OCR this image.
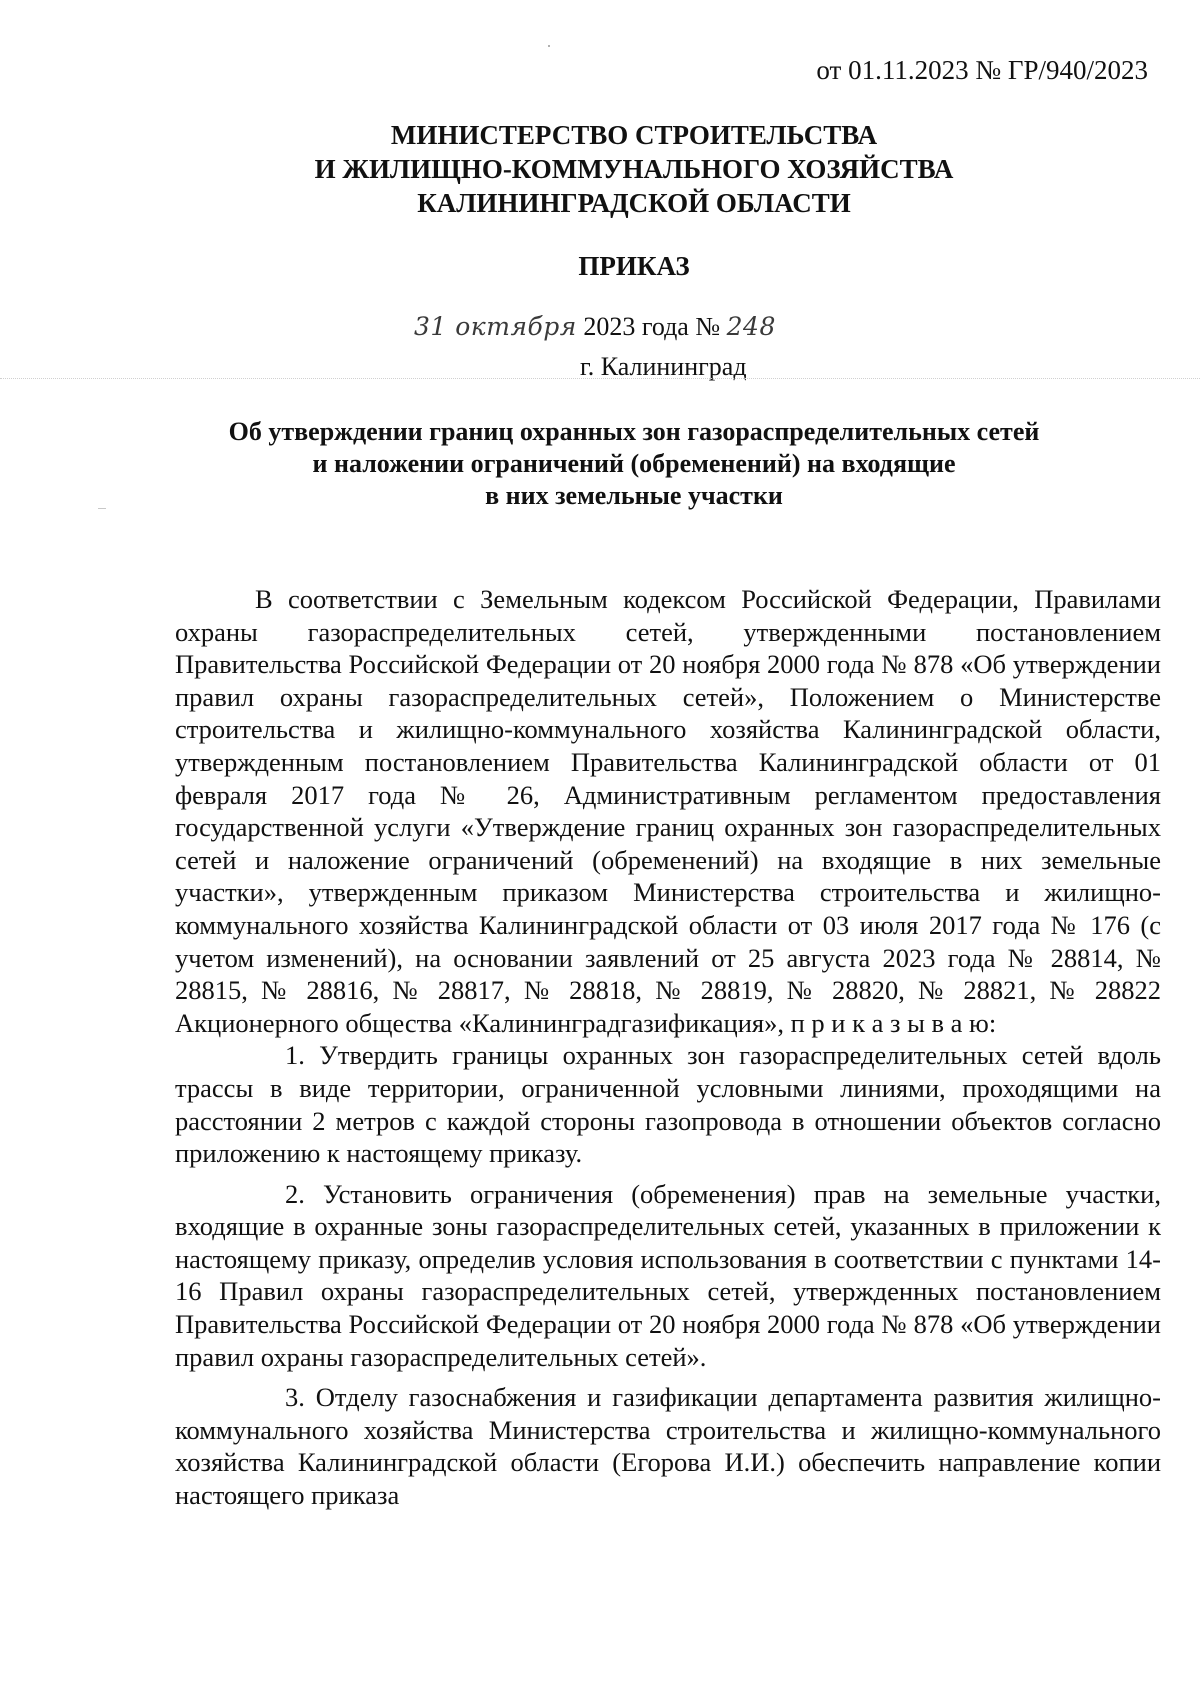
от 01.11.2023 № ГР/940/2023
МИНИСТЕРСТВО СТРОИТЕЛЬСТВА
И ЖИЛИЩНО-КОММУНАЛЬНОГО ХОЗЯЙСТВА
КАЛИНИНГРАДСКОЙ ОБЛАСТИ
ПРИКАЗ
31 октября 2023 года № 248
г. Калининград
Об утверждении границ охранных зон газораспределительных сетей
и наложении ограничений (обременений) на входящие
в них земельные участки

В соответствии с Земельным кодексом Российской Федерации, Правилами охраны газораспределительных сетей, утвержденными постановлением Правительства Российской Федерации от 20 ноября 2000 года № 878 «Об утверждении правил охраны газораспределительных сетей», Положением о Министерстве строительства и жилищно-коммунального хозяйства Калининградской области, утвержденным постановлением Правительства Калининградской области от 01 февраля 2017 года № 26, Административным регламентом предоставления государственной услуги «Утверждение границ охранных зон газораспределительных сетей и наложение ограничений (обременений) на входящие в них земельные участки», утвержденным приказом Министерства строительства и жилищно-коммунального хозяйства Калининградской области от 03 июля 2017 года № 176 (с учетом изменений), на основании заявлений от 25 августа 2023 года № 28814, № 28815, № 28816, № 28817, № 28818, № 28819, № 28820, № 28821, № 28822 Акционерного общества «Калининградгазификация», п р и к а з ы в а ю:

1. Утвердить границы охранных зон газораспределительных сетей вдоль трассы в виде территории, ограниченной условными линиями, проходящими на расстоянии 2 метров с каждой стороны газопровода в отношении объектов согласно приложению к настоящему приказу.

2. Установить ограничения (обременения) прав на земельные участки, входящие в охранные зоны газораспределительных сетей, указанных в приложении к настоящему приказу, определив условия использования в соответствии с пунктами 14-16 Правил охраны газораспределительных сетей, утвержденных постановлением Правительства Российской Федерации от 20 ноября 2000 года № 878 «Об утверждении правил охраны газораспределительных сетей».

3. Отделу газоснабжения и газификации департамента развития жилищно-коммунального хозяйства Министерства строительства и жилищно-коммунального хозяйства Калининградской области (Егорова И.И.) обеспечить направление копии настоящего приказа
